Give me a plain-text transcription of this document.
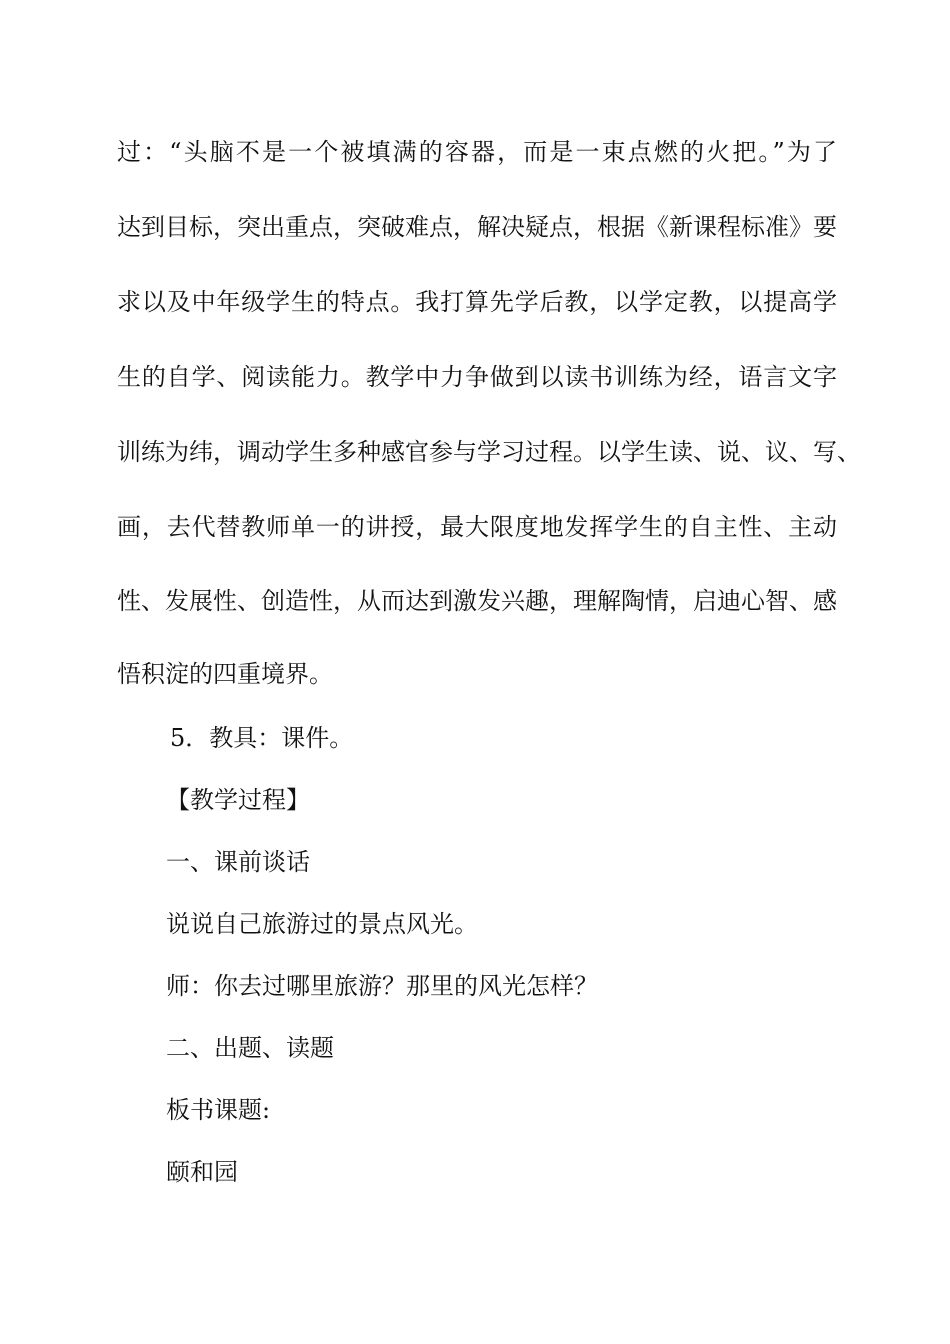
过：“头脑不是一个被填满的容器，而是一束点燃的火把。”为了
达到目标，突出重点，突破难点，解决疑点，根据《新课程标准》要
求以及中年级学生的特点。我打算先学后教，以学定教，以提高学
生的自学、阅读能力。教学中力争做到以读书训练为经，语言文字
训练为纬，调动学生多种感官参与学习过程。以学生读、说、议、写、
画，去代替教师单一的讲授，最大限度地发挥学生的自主性、主动
性、发展性、创造性，从而达到激发兴趣，理解陶情，启迪心智、感
悟积淀的四重境界。
5．教具：课件。
【教学过程】
一、课前谈话
说说自己旅游过的景点风光。
师：你去过哪里旅游？那里的风光怎样？
二、出题、读题
板书课题:
颐和园
